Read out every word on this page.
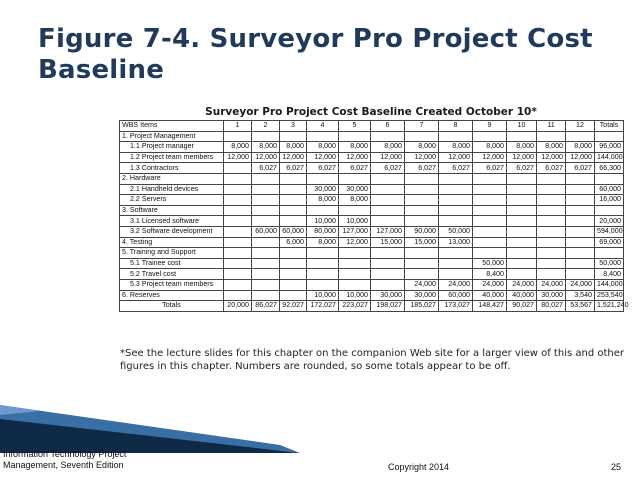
Figure 7-4. Surveyor Pro Project Cost
Baseline
Surveyor Pro Project Cost Baseline Created October 10*
WBS Items	1	2	3	4	5	6	7	8	9	10	11	12	Totals
1. Project Management													
1.1 Project manager	8,000	8,000	8,000	8,000	8,000	8,000	8,000	8,000	8,000	8,000	8,000	8,000	96,000
1.2 Project team members	12,000	12,000	12,000	12,000	12,000	12,000	12,000	12,000	12,000	12,000	12,000	12,000	144,000
1.3 Contractors		6,027	6,027	6,027	6,027	6,027	6,027	6,027	6,027	6,027	6,027	6,027	66,300
2. Hardware													
2.1 Handheld devices				30,000	30,000								60,000
2.2 Servers				8,000	8,000								16,000
3. Software													
3.1 Licensed software				10,000	10,000								20,000
3.2 Software development		60,000	60,000	80,000	127,000	127,000	90,000	50,000					594,000
4. Testing			6,000	8,000	12,000	15,000	15,000	13,000					69,000
5. Training and Support													
5.1 Trainee cost									50,000				50,000
5.2 Travel cost									8,400				8,400
5.3 Project team members							24,000	24,000	24,000	24,000	24,000	24,000	144,000
6. Reserves				10,000	10,000	30,000	30,000	60,000	40,000	40,000	30,000	3,540	253,540
Totals	20,000	86,027	92,027	172,027	223,027	198,027	185,027	173,027	148,427	90,027	80,027	53,567	1,521,240
*See the lecture slides for this chapter on the companion Web site for a larger view of this and other figures in this chapter. Numbers are rounded, so some totals appear to be off.
Information Technology Project
Management, Seventh Edition	Copyright 2014	25
